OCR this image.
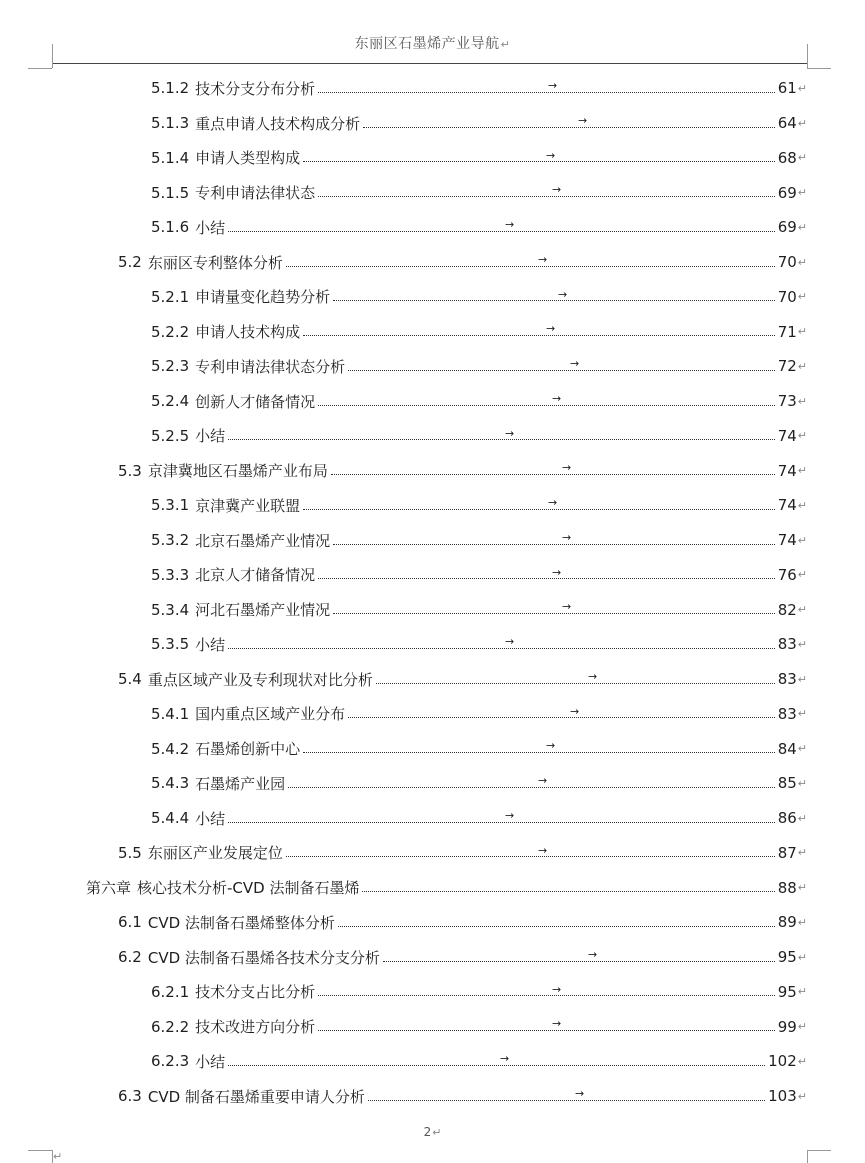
东丽区石墨烯产业导航↵
5.1.2 技术分支分布分析	61 ↵
→
5.1.3 重点申请人技术构成分析	64 ↵
→
5.1.4 申请人类型构成	68 ↵
→
5.1.5 专利申请法律状态	69 ↵
→
5.1.6 小结	69 ↵
→
5.2 东丽区专利整体分析	70 ↵
→
5.2.1 申请量变化趋势分析	70 ↵
→
5.2.2 申请人技术构成	71 ↵
→
5.2.3 专利申请法律状态分析	72 ↵
→
5.2.4 创新人才储备情况	73 ↵
→
5.2.5 小结	74 ↵
→
5.3 京津冀地区石墨烯产业布局	74 ↵
→
5.3.1 京津冀产业联盟	74 ↵
→
5.3.2 北京石墨烯产业情况	74 ↵
→
5.3.3 北京人才储备情况	76 ↵
→
5.3.4 河北石墨烯产业情况	82 ↵
→
5.3.5 小结	83 ↵
→
5.4 重点区域产业及专利现状对比分析	83 ↵
→
5.4.1 国内重点区域产业分布	83 ↵
→
5.4.2 石墨烯创新中心	84 ↵
→
5.4.3 石墨烯产业园	85 ↵
→
5.4.4 小结	86 ↵
→
5.5 东丽区产业发展定位	87 ↵
→
第六章 核心技术分析-CVD 法制备石墨烯	88 ↵
6.1 CVD 法制备石墨烯整体分析	89 ↵
6.2 CVD 法制备石墨烯各技术分支分析	95 ↵
→
6.2.1 技术分支占比分析	95 ↵
→
6.2.2 技术改进方向分析	99 ↵
→
6.2.3 小结	102 ↵
→
6.3 CVD 制备石墨烯重要申请人分析	103 ↵
→
2↵
↵
